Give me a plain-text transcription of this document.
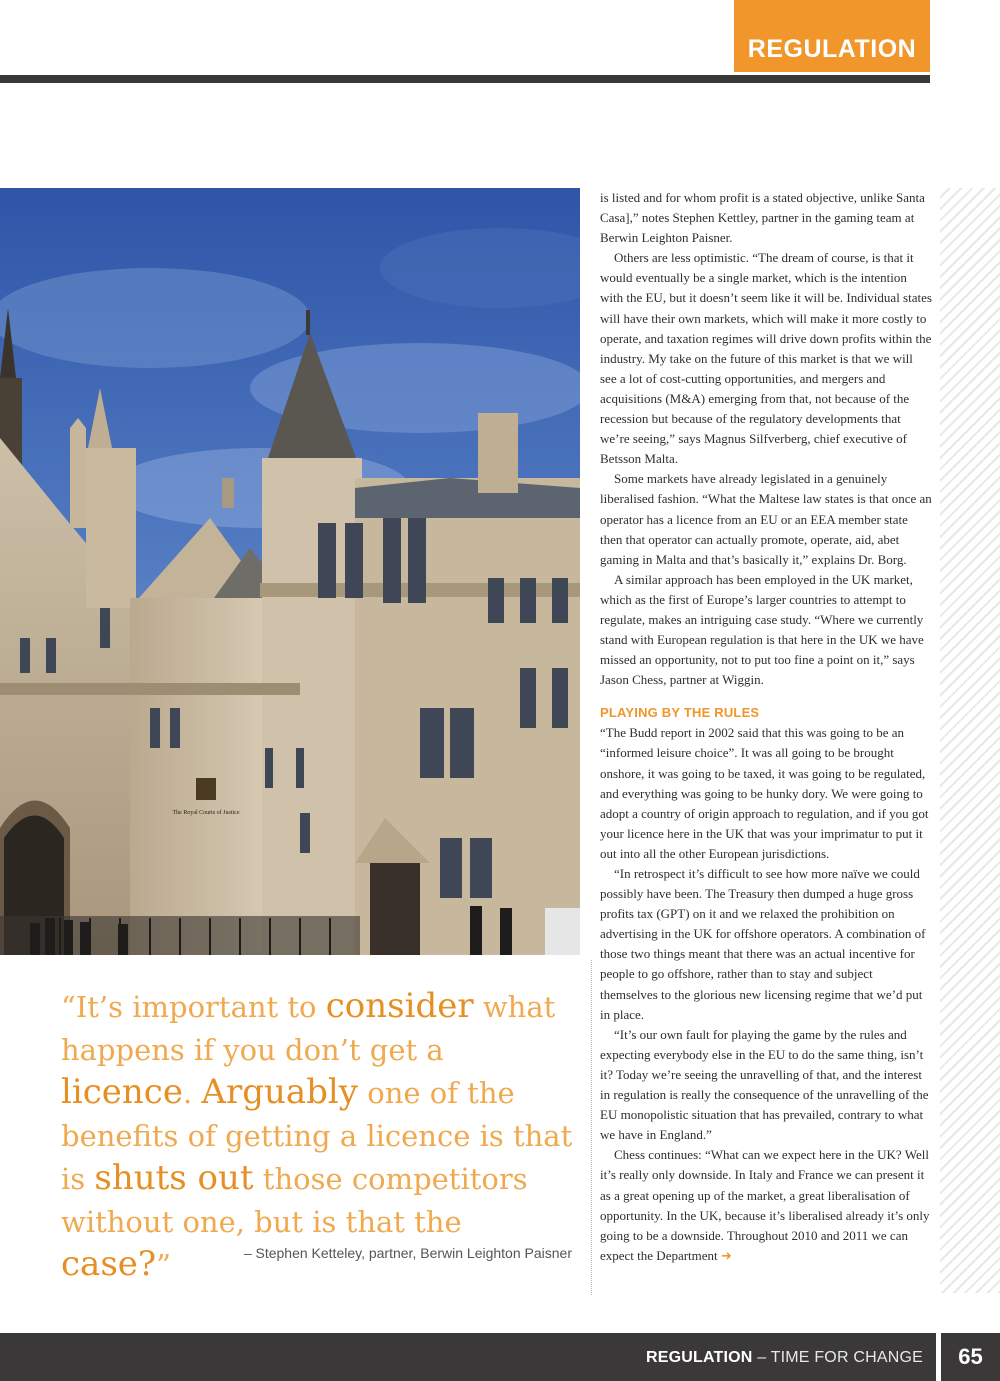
REGULATION
The Royal Courts of Justice

is listed and for whom profit is a stated objective, unlike Santa Casa],” notes Stephen Kettley, partner in the gaming team at Berwin Leighton Paisner.

Others are less optimistic. “The dream of course, is that it would eventually be a single market, which is the intention with the EU, but it doesn’t seem like it will be. Individual states will have their own markets, which will make it more costly to operate, and taxation regimes will drive down profits within the industry. My take on the future of this market is that we will see a lot of cost-cutting opportunities, and mergers and acquisitions (M&A) emerging from that, not because of the recession but because of the regulatory developments that we’re seeing,” says Magnus Silfverberg, chief executive of Betsson Malta.

Some markets have already legislated in a genuinely liberalised fashion. “What the Maltese law states is that once an operator has a licence from an EU or an EEA member state then that operator can actually promote, operate, aid, abet gaming in Malta and that’s basically it,” explains Dr. Borg.

A similar approach has been employed in the UK market, which as the first of Europe’s larger countries to attempt to regulate, makes an intriguing case study. “Where we currently stand with European regulation is that here in the UK we have missed an opportunity, not to put too fine a point on it,” says Jason Chess, partner at Wiggin.

PLAYING BY THE RULES

“The Budd report in 2002 said that this was going to be an “informed leisure choice”. It was all going to be brought onshore, it was going to be taxed, it was going to be regulated, and everything was going to be hunky dory. We were going to adopt a country of origin approach to regulation, and if you got your licence here in the UK that was your imprimatur to put it out into all the other European jurisdictions.

“In retrospect it’s difficult to see how more naïve we could possibly have been. The Treasury then dumped a huge gross profits tax (GPT) on it and we relaxed the prohibition on advertising in the UK for offshore operators. A combination of those two things meant that there was an actual incentive for people to go offshore, rather than to stay and subject themselves to the glorious new licensing regime that we’d put in place.

“It’s our own fault for playing the game by the rules and expecting everybody else in the EU to do the same thing, isn’t it? Today we’re seeing the unravelling of that, and the interest in regulation is really the consequence of the unravelling of the EU monopolistic situation that has prevailed, contrary to what we have in England.”

Chess continues: “What can we expect here in the UK? Well it’s really only downside. In Italy and France we can present it as a great opening up of the market, a great liberalisation of opportunity. In the UK, because it’s liberalised already it’s only going to be a downside. Throughout 2010 and 2011 we can expect the Department ➜

“It’s important to consider what happens if you don’t get a licence. Arguably one of the benefits of getting a licence is that is shuts out those competitors without one, but is that the case?”	– Stephen Ketteley, partner, Berwin Leighton Paisner
REGULATION – TIME FOR CHANGE	65
